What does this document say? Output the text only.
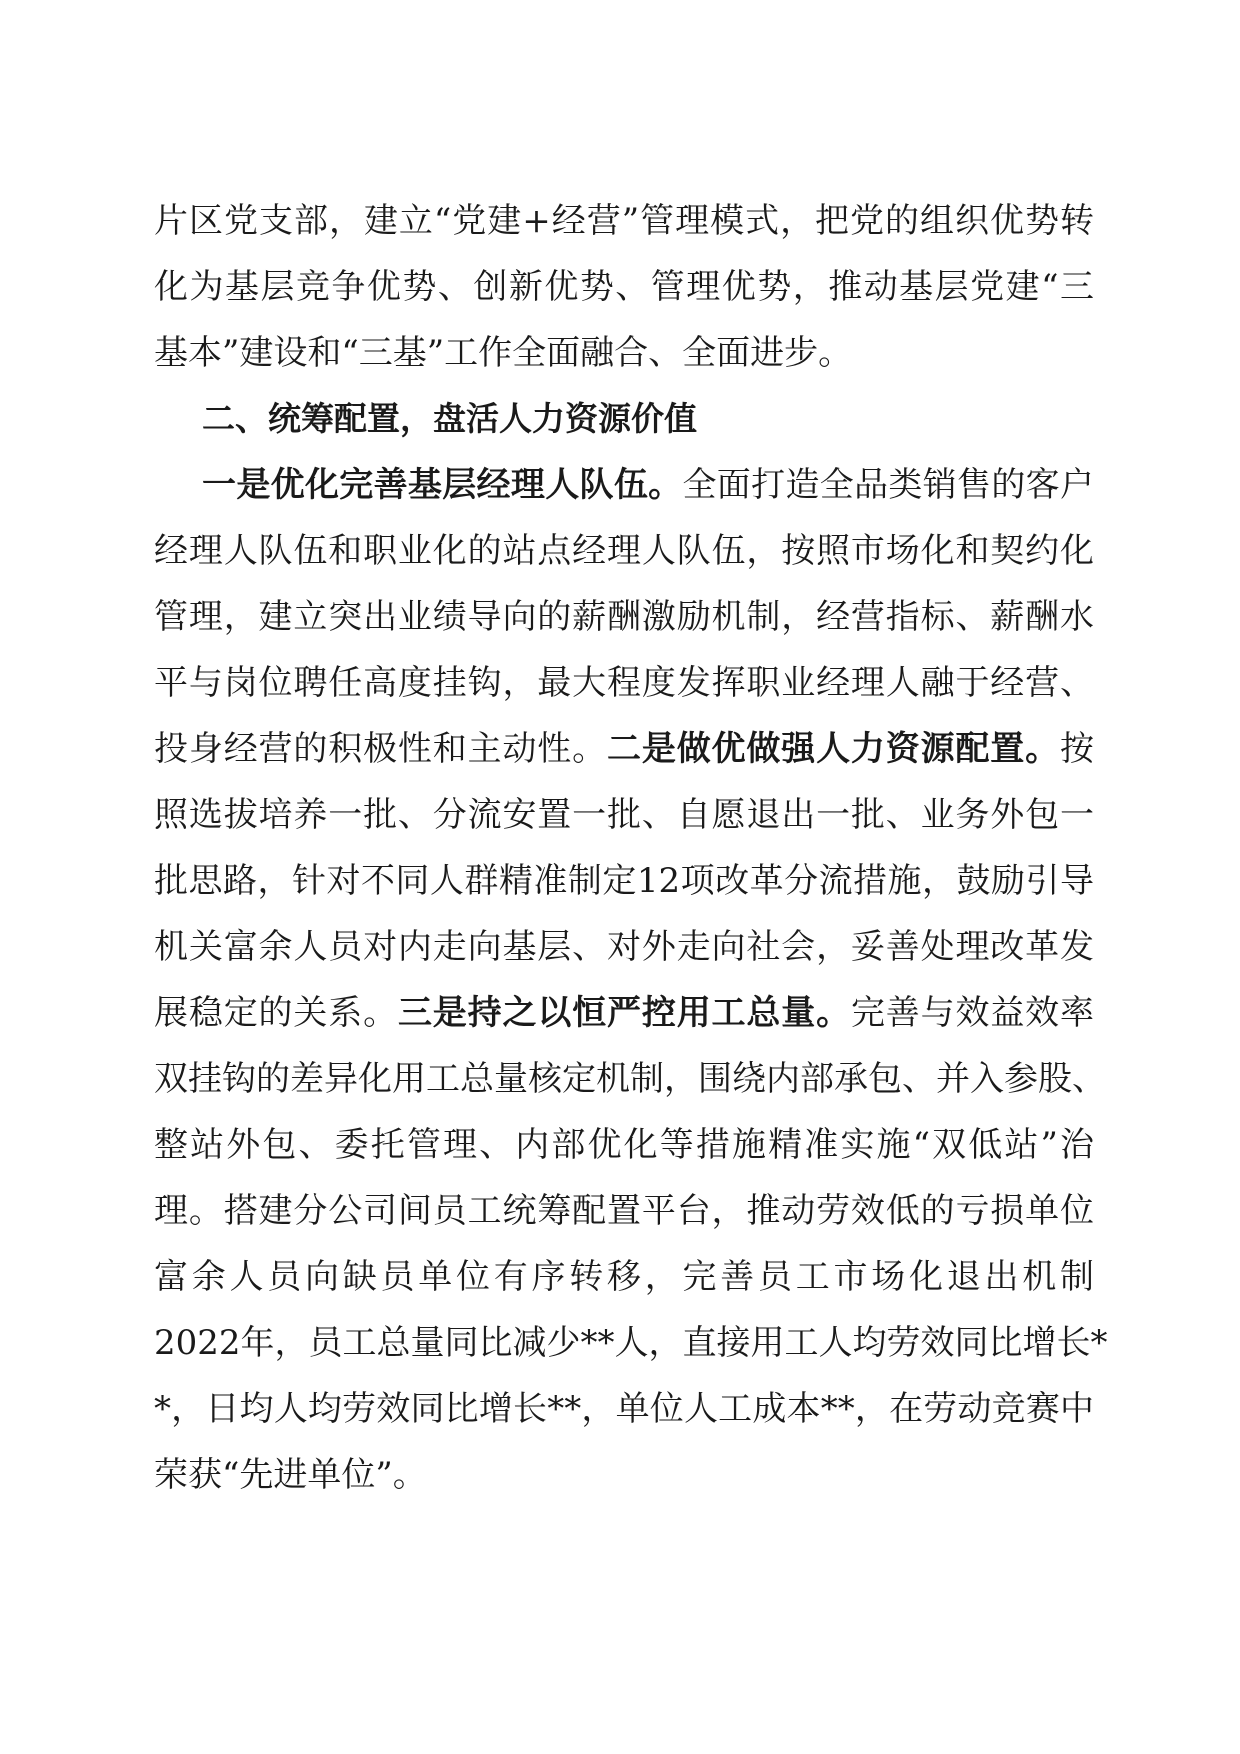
片区党支部，建立“党建+经营”管理模式，把党的组织优势转
化为基层竞争优势、创新优势、管理优势，推动基层党建“三
基本”建设和“三基”工作全面融合、全面进步。
二、统筹配置，盘活人力资源价值
一是优化完善基层经理人队伍。全面打造全品类销售的客户
经理人队伍和职业化的站点经理人队伍，按照市场化和契约化
管理，建立突出业绩导向的薪酬激励机制，经营指标、薪酬水
平与岗位聘任高度挂钩，最大程度发挥职业经理人融于经营、
投身经营的积极性和主动性。二是做优做强人力资源配置。按
照选拔培养一批、分流安置一批、自愿退出一批、业务外包一
批思路，针对不同人群精准制定12项改革分流措施，鼓励引导
机关富余人员对内走向基层、对外走向社会，妥善处理改革发
展稳定的关系。三是持之以恒严控用工总量。完善与效益效率
双挂钩的差异化用工总量核定机制，围绕内部承包、并入参股、
整站外包、委托管理、内部优化等措施精准实施“双低站”治
理。搭建分公司间员工统筹配置平台，推动劳效低的亏损单位
富余人员向缺员单位有序转移，完善员工市场化退出机制
2022年，员工总量同比减少**人，直接用工人均劳效同比增长*
*，日均人均劳效同比增长**，单位人工成本**，在劳动竞赛中
荣获“先进单位”。
